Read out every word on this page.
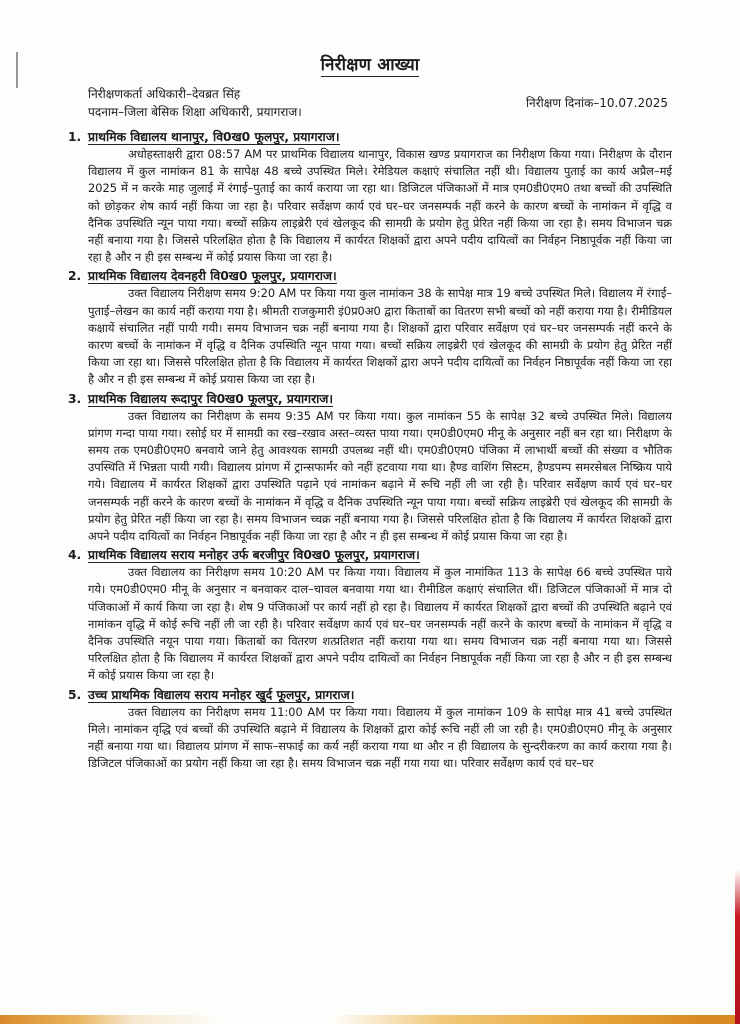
निरीक्षण आख्या
निरीक्षणकर्ता अधिकारी–देवब्रत सिंह
पदनाम–जिला बेसिक शिक्षा अधिकारी, प्रयागराज।
निरीक्षण दिनांक–10.07.2025

1. प्राथमिक विद्यालय थानापुर, वि0ख0 फूलपुर, प्रयागराज।

अधोहस्ताक्षरी द्वारा 08:57 AM पर प्राथमिक विद्यालय थानापुर, विकास खण्ड प्रयागराज का निरीक्षण किया गया। निरीक्षण के दौरान विद्यालय में कुल नामांकन 81 के सापेक्ष 48 बच्चे उपस्थित मिले। रेमेडियल कक्षाएं संचालित नहीं थी। विद्यालय पुताई का कार्य अप्रैल–मई 2025 में न करके माह जुलाई में रंगाई–पुताई का कार्य कराया जा रहा था। डिजिटल पंजिकाओं में मात्र एम0डी0एम0 तथा बच्चों की उपस्थिति को छोड़कर शेष कार्य नहीं किया जा रहा है। परिवार सर्वेक्षण कार्य एवं घर–घर जनसम्पर्क नहीं करने के कारण बच्चों के नामांकन में वृद्धि व दैनिक उपस्थिति न्यून पाया गया। बच्चों सक्रिय लाइब्रेरी एवं खेलकूद की सामग्री के प्रयोग हेतु प्रेरित नहीं किया जा रहा है। समय विभाजन चक्र नहीं बनाया गया है। जिससे परिलक्षित होता है कि विद्यालय में कार्यरत शिक्षकों द्वारा अपने पदीय दायित्वों का निर्वहन निष्ठापूर्वक नहीं किया जा रहा है और न ही इस सम्बन्ध में कोई प्रयास किया जा रहा है।

2. प्राथमिक विद्यालय देवनहरी वि0ख0 फूलपुर, प्रयागराज।

उक्त विद्यालय निरीक्षण समय 9:20 AM पर किया गया कुल नामांकन 38 के सापेक्ष मात्र 19 बच्चे उपस्थित मिले। विद्यालय में रंगाई–पुताई–लेखन का कार्य नहीं कराया गया है। श्रीमती राजकुमारी इं0प्र0अ0 द्वारा किताबों का वितरण सभी बच्चों को नहीं कराया गया है। रीमीडियल कक्षायें संचालित नहीं पायी गयी। समय विभाजन चक्र नहीं बनाया गया है। शिक्षकों द्वारा परिवार सर्वेक्षण एवं घर–घर जनसम्पर्क नहीं करने के कारण बच्चों के नामांकन में वृद्धि व दैनिक उपस्थिति न्यून पाया गया। बच्चों सक्रिय लाइब्रेरी एवं खेलकूद की सामग्री के प्रयोग हेतु प्रेरित नहीं किया जा रहा था। जिससे परिलक्षित होता है कि विद्यालय में कार्यरत शिक्षकों द्वारा अपने पदीय दायित्वों का निर्वहन निष्ठापूर्वक नहीं किया जा रहा है और न ही इस सम्बन्ध में कोई प्रयास किया जा रहा है।

3. प्राथमिक विद्यालय रूदापुर वि0ख0 फूलपुर, प्रयागराज।

उक्त विद्यालय का निरीक्षण के समय 9:35 AM पर किया गया। कुल नामांकन 55 के सापेक्ष 32 बच्चे उपस्थित मिले। विद्यालय प्रांगण गन्दा पाया गया। रसोई घर में सामग्री का रख–रखाव अस्त–व्यस्त पाया गया। एम0डी0एम0 मीनू के अनुसार नहीं बन रहा था। निरीक्षण के समय तक एम0डी0एम0 बनवाये जाने हेतु आवश्यक सामग्री उपलब्ध नहीं थी। एम0डी0एम0 पंजिका में लाभार्थी बच्चों की संख्या व भौतिक उपस्थिति में भिन्नता पायी गयी। विद्यालय प्रांगण में ट्रान्सफार्मर को नहीं हटवाया गया था। हैण्ड वाशिंग सिस्टम, हैण्डपम्प समरसेबल निष्क्रिय पाये गये। विद्यालय में कार्यरत शिक्षकों द्वारा उपस्थिति पढ़ाने एवं नामांकन बढ़ाने में रूचि नहीं ली जा रही है। परिवार सर्वेक्षण कार्य एवं घर–घर जनसम्पर्क नहीं करने के कारण बच्चों के नामांकन में वृद्धि व दैनिक उपस्थिति न्यून पाया गया। बच्चों सक्रिय लाइब्रेरी एवं खेलकूद की सामग्री के प्रयोग हेतु प्रेरित नहीं किया जा रहा है। समय विभाजन च्चक्र नहीं बनाया गया है। जिससे परिलक्षित होता है कि विद्यालय में कार्यरत शिक्षकों द्वारा अपने पदीय दायित्वों का निर्वहन निष्ठापूर्वक नहीं किया जा रहा है और न ही इस सम्बन्ध में कोई प्रयास किया जा रहा है।

4. प्राथमिक विद्यालय सराय मनोहर उर्फ बरजीपुर वि0ख0 फूलपुर, प्रयागराज।

उक्त विद्यालय का निरीक्षण समय 10:20 AM पर किया गया। विद्यालय में कुल नामांकित 113 के सापेक्ष 66 बच्चे उपस्थित पाये गये। एम0डी0एम0 मीनू के अनुसार न बनवाकर दाल–चावल बनवाया गया था। रीमीडिल कक्षाएं संचालित थीं। डिजिटल पंजिकाओं में मात्र दो पंजिकाओं में कार्य किया जा रहा है। शेष 9 पंजिकाओं पर कार्य नहीं हो रहा है। विद्यालय में कार्यरत शिक्षकों द्वारा बच्चों की उपस्थिति बढ़ाने एवं नामांकन वृद्धि में कोई रूचि नहीं ली जा रही है। परिवार सर्वेक्षण कार्य एवं घर–घर जनसम्पर्क नहीं करने के कारण बच्चों के नामांकन में वृद्धि व दैनिक उपस्थिति नयून पाया गया। किताबों का वितरण शत्प्रतिशत नहीं कराया गया था। समय विभाजन चक्र नहीं बनाया गया था। जिससे परिलक्षित होता है कि विद्यालय में कार्यरत शिक्षकों द्वारा अपने पदीय दायित्वों का निर्वहन निष्ठापूर्वक नहीं किया जा रहा है और न ही इस सम्बन्ध में कोई प्रयास किया जा रहा है।

5. उच्च प्राथमिक विद्यालय सराय मनोहर खुर्द फूलपुर, प्रागराज।

उक्त विद्यालय का निरीक्षण समय 11:00 AM पर किया गया। विद्यालय में कुल नामांकन 109 के सापेक्ष मात्र 41 बच्चे उपस्थित मिले। नामांकन वृद्धि एवं बच्चों की उपस्थिति बढ़ाने में विद्यालय के शिक्षकों द्वारा कोई रूचि नहीं ली जा रही है। एम0डी0एम0 मीनू के अनुसार नहीं बनाया गया था। विद्यालय प्रांगण में साफ–सफाई का कर्य नहीं कराया गया था और न ही विद्यालय के सुन्दरीकरण का कार्य कराया गया है। डिजिटल पंजिकाओं का प्रयोग नहीं किया जा रहा है। समय विभाजन चक्र नहीं गया गया था। परिवार सर्वेक्षण कार्य एवं घर–घर
